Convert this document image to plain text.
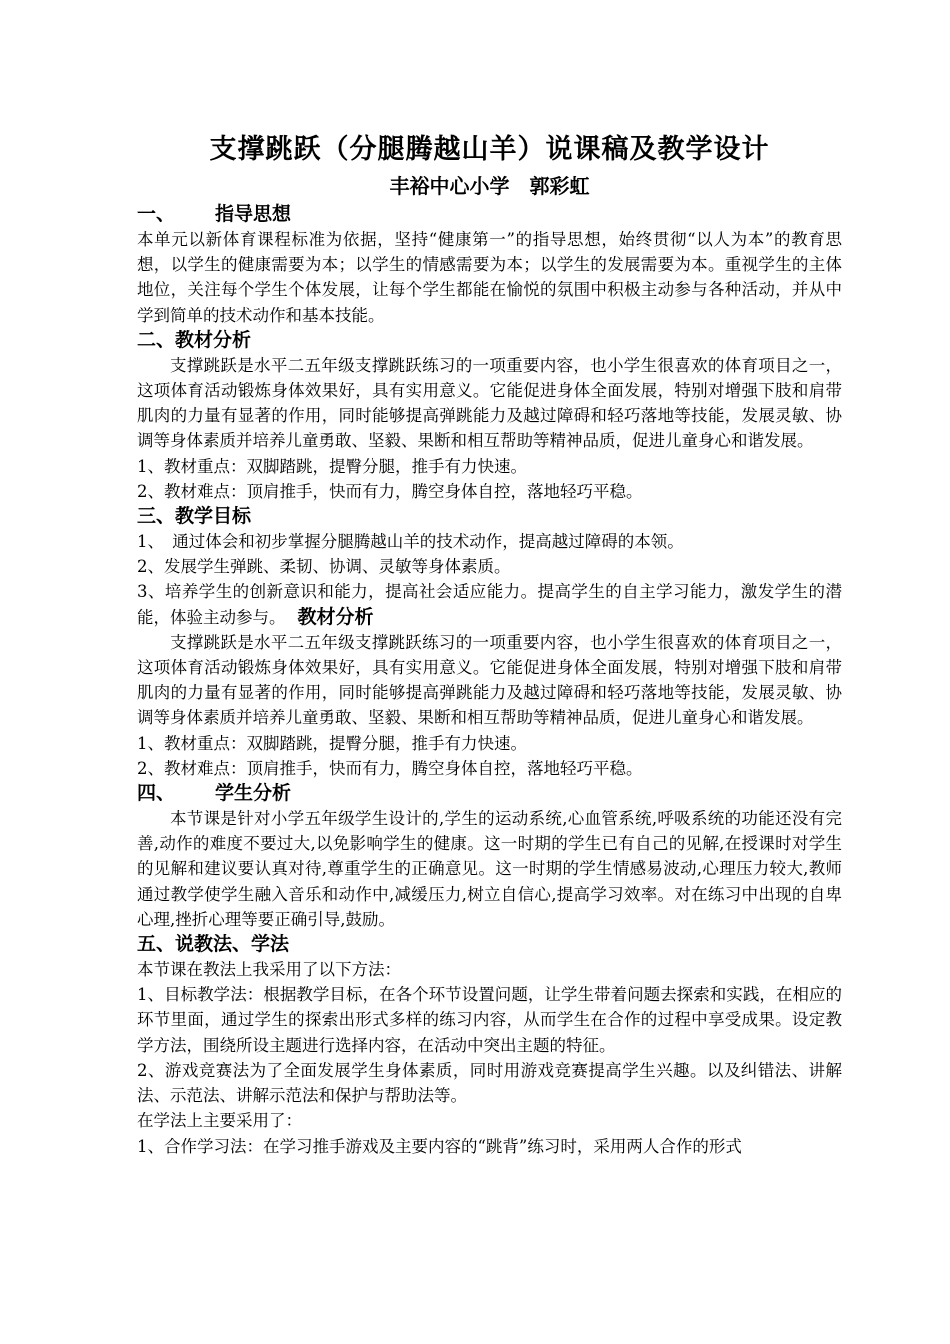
支撑跳跃（分腿腾越山羊）说课稿及教学设计
丰裕中心小学　郭彩虹
一、 指导思想

本单元以新体育课程标准为依据，坚持“健康第一”的指导思想，始终贯彻“以人为本”的教育思想，以学生的健康需要为本；以学生的情感需要为本；以学生的发展需要为本。重视学生的主体地位，关注每个学生个体发展，让每个学生都能在愉悦的氛围中积极主动参与各种活动，并从中学到简单的技术动作和基本技能。

二、教材分析

支撑跳跃是水平二五年级支撑跳跃练习的一项重要内容，也小学生很喜欢的体育项目之一，这项体育活动锻炼身体效果好，具有实用意义。它能促进身体全面发展，特别对增强下肢和肩带肌肉的力量有显著的作用，同时能够提高弹跳能力及越过障碍和轻巧落地等技能，发展灵敏、协调等身体素质并培养儿童勇敢、坚毅、果断和相互帮助等精神品质，促进儿童身心和谐发展。

1、教材重点：双脚踏跳，提臀分腿，推手有力快速。

2、教材难点：顶肩推手，快而有力，腾空身体自控，落地轻巧平稳。

三、教学目标

1、　通过体会和初步掌握分腿腾越山羊的技术动作，提高越过障碍的本领。

2、发展学生弹跳、柔韧、协调、灵敏等身体素质。

3、培养学生的创新意识和能力，提高社会适应能力。提高学生的自主学习能力，激发学生的潜能，体验主动参与。 教材分析

支撑跳跃是水平二五年级支撑跳跃练习的一项重要内容，也小学生很喜欢的体育项目之一，这项体育活动锻炼身体效果好，具有实用意义。它能促进身体全面发展，特别对增强下肢和肩带肌肉的力量有显著的作用，同时能够提高弹跳能力及越过障碍和轻巧落地等技能，发展灵敏、协调等身体素质并培养儿童勇敢、坚毅、果断和相互帮助等精神品质，促进儿童身心和谐发展。

1、教材重点：双脚踏跳，提臀分腿，推手有力快速。

2、教材难点：顶肩推手，快而有力，腾空身体自控，落地轻巧平稳。

四、 学生分析

本节课是针对小学五年级学生设计的,学生的运动系统,心血管系统,呼吸系统的功能还没有完善,动作的难度不要过大,以免影响学生的健康。这一时期的学生已有自己的见解,在授课时对学生的见解和建议要认真对待,尊重学生的正确意见。这一时期的学生情感易波动,心理压力较大,教师通过教学使学生融入音乐和动作中,减缓压力,树立自信心,提高学习效率。对在练习中出现的自卑心理,挫折心理等要正确引导,鼓励。

五、说教法、学法

本节课在教法上我采用了以下方法：

1、目标教学法：根据教学目标，在各个环节设置问题，让学生带着问题去探索和实践，在相应的环节里面，通过学生的探索出形式多样的练习内容，从而学生在合作的过程中享受成果。设定教学方法，围绕所设主题进行选择内容，在活动中突出主题的特征。

2、游戏竞赛法为了全面发展学生身体素质，同时用游戏竞赛提高学生兴趣。以及纠错法、讲解法、示范法、讲解示范法和保护与帮助法等。

在学法上主要采用了：

1、合作学习法：在学习推手游戏及主要内容的“跳背”练习时，采用两人合作的形式
